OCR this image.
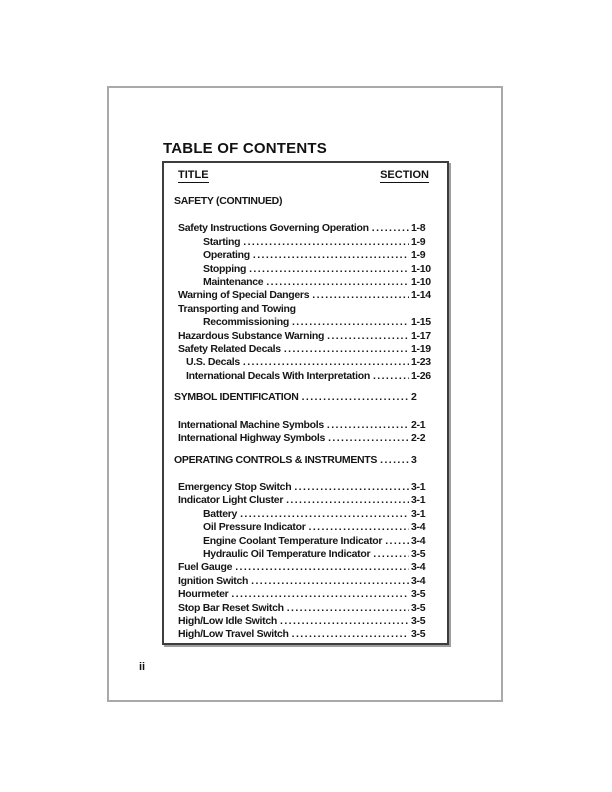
TABLE OF CONTENTS
TITLE	SECTION
SAFETY (CONTINUED)
Safety Instructions Governing Operation .....	1-8
Starting .....	1-9
Operating .....	1-9
Stopping .....	1-10
Maintenance .....	1-10
Warning of Special Dangers .....	1-14
Transporting and Towing
Recommissioning .....	1-15
Hazardous Substance Warning .....	1-17
Safety Related Decals .....	1-19
U.S. Decals .....	1-23
International Decals With Interpretation .....	1-26
SYMBOL IDENTIFICATION .....	2
International Machine Symbols .....	2-1
International Highway Symbols .....	2-2
OPERATING CONTROLS & INSTRUMENTS .....	3
Emergency Stop Switch .....	3-1
Indicator Light Cluster .....	3-1
Battery .....	3-1
Oil Pressure Indicator .....	3-4
Engine Coolant Temperature Indicator .....	3-4
Hydraulic Oil Temperature Indicator .....	3-5
Fuel Gauge .....	3-4
Ignition Switch .....	3-4
Hourmeter .....	3-5
Stop Bar Reset Switch .....	3-5
High/Low Idle Switch .....	3-5
High/Low Travel Switch .....	3-5
ii
